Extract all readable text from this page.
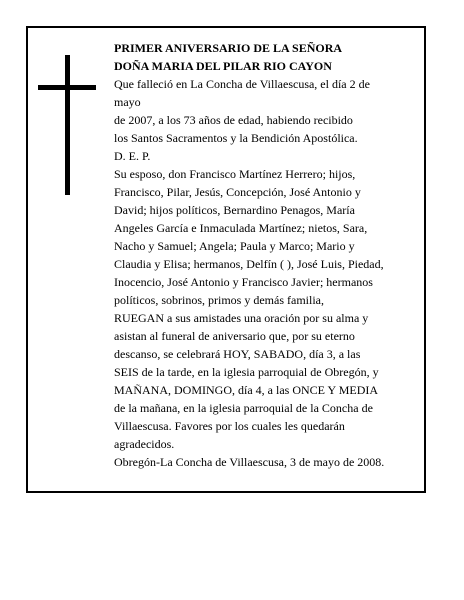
PRIMER ANIVERSARIO DE LA SEÑORA

DOÑA MARIA DEL PILAR RIO CAYON

Que falleció en La Concha de Villaescusa, el día 2 de

mayo

de 2007, a los 73 años de edad, habiendo recibido

los Santos Sacramentos y la Bendición Apostólica.

D. E. P.

Su esposo, don Francisco Martínez Herrero; hijos,

Francisco, Pilar, Jesús, Concepción, José Antonio y

David; hijos políticos, Bernardino Penagos, María

Angeles García e Inmaculada Martínez; nietos, Sara,

Nacho y Samuel; Angela; Paula y Marco; Mario y

Claudia y Elisa; hermanos, Delfín ( ), José Luis, Piedad,

Inocencio, José Antonio y Francisco Javier; hermanos

políticos, sobrinos, primos y demás familia,

RUEGAN a sus amistades una oración por su alma y

asistan al funeral de aniversario que, por su eterno

descanso, se celebrará HOY, SABADO, día 3, a las

SEIS de la tarde, en la iglesia parroquial de Obregón, y

MAÑANA, DOMINGO, día 4, a las ONCE Y MEDIA

de la mañana, en la iglesia parroquial de la Concha de

Villaescusa. Favores por los cuales les quedarán

agradecidos.

Obregón-La Concha de Villaescusa, 3 de mayo de 2008.
